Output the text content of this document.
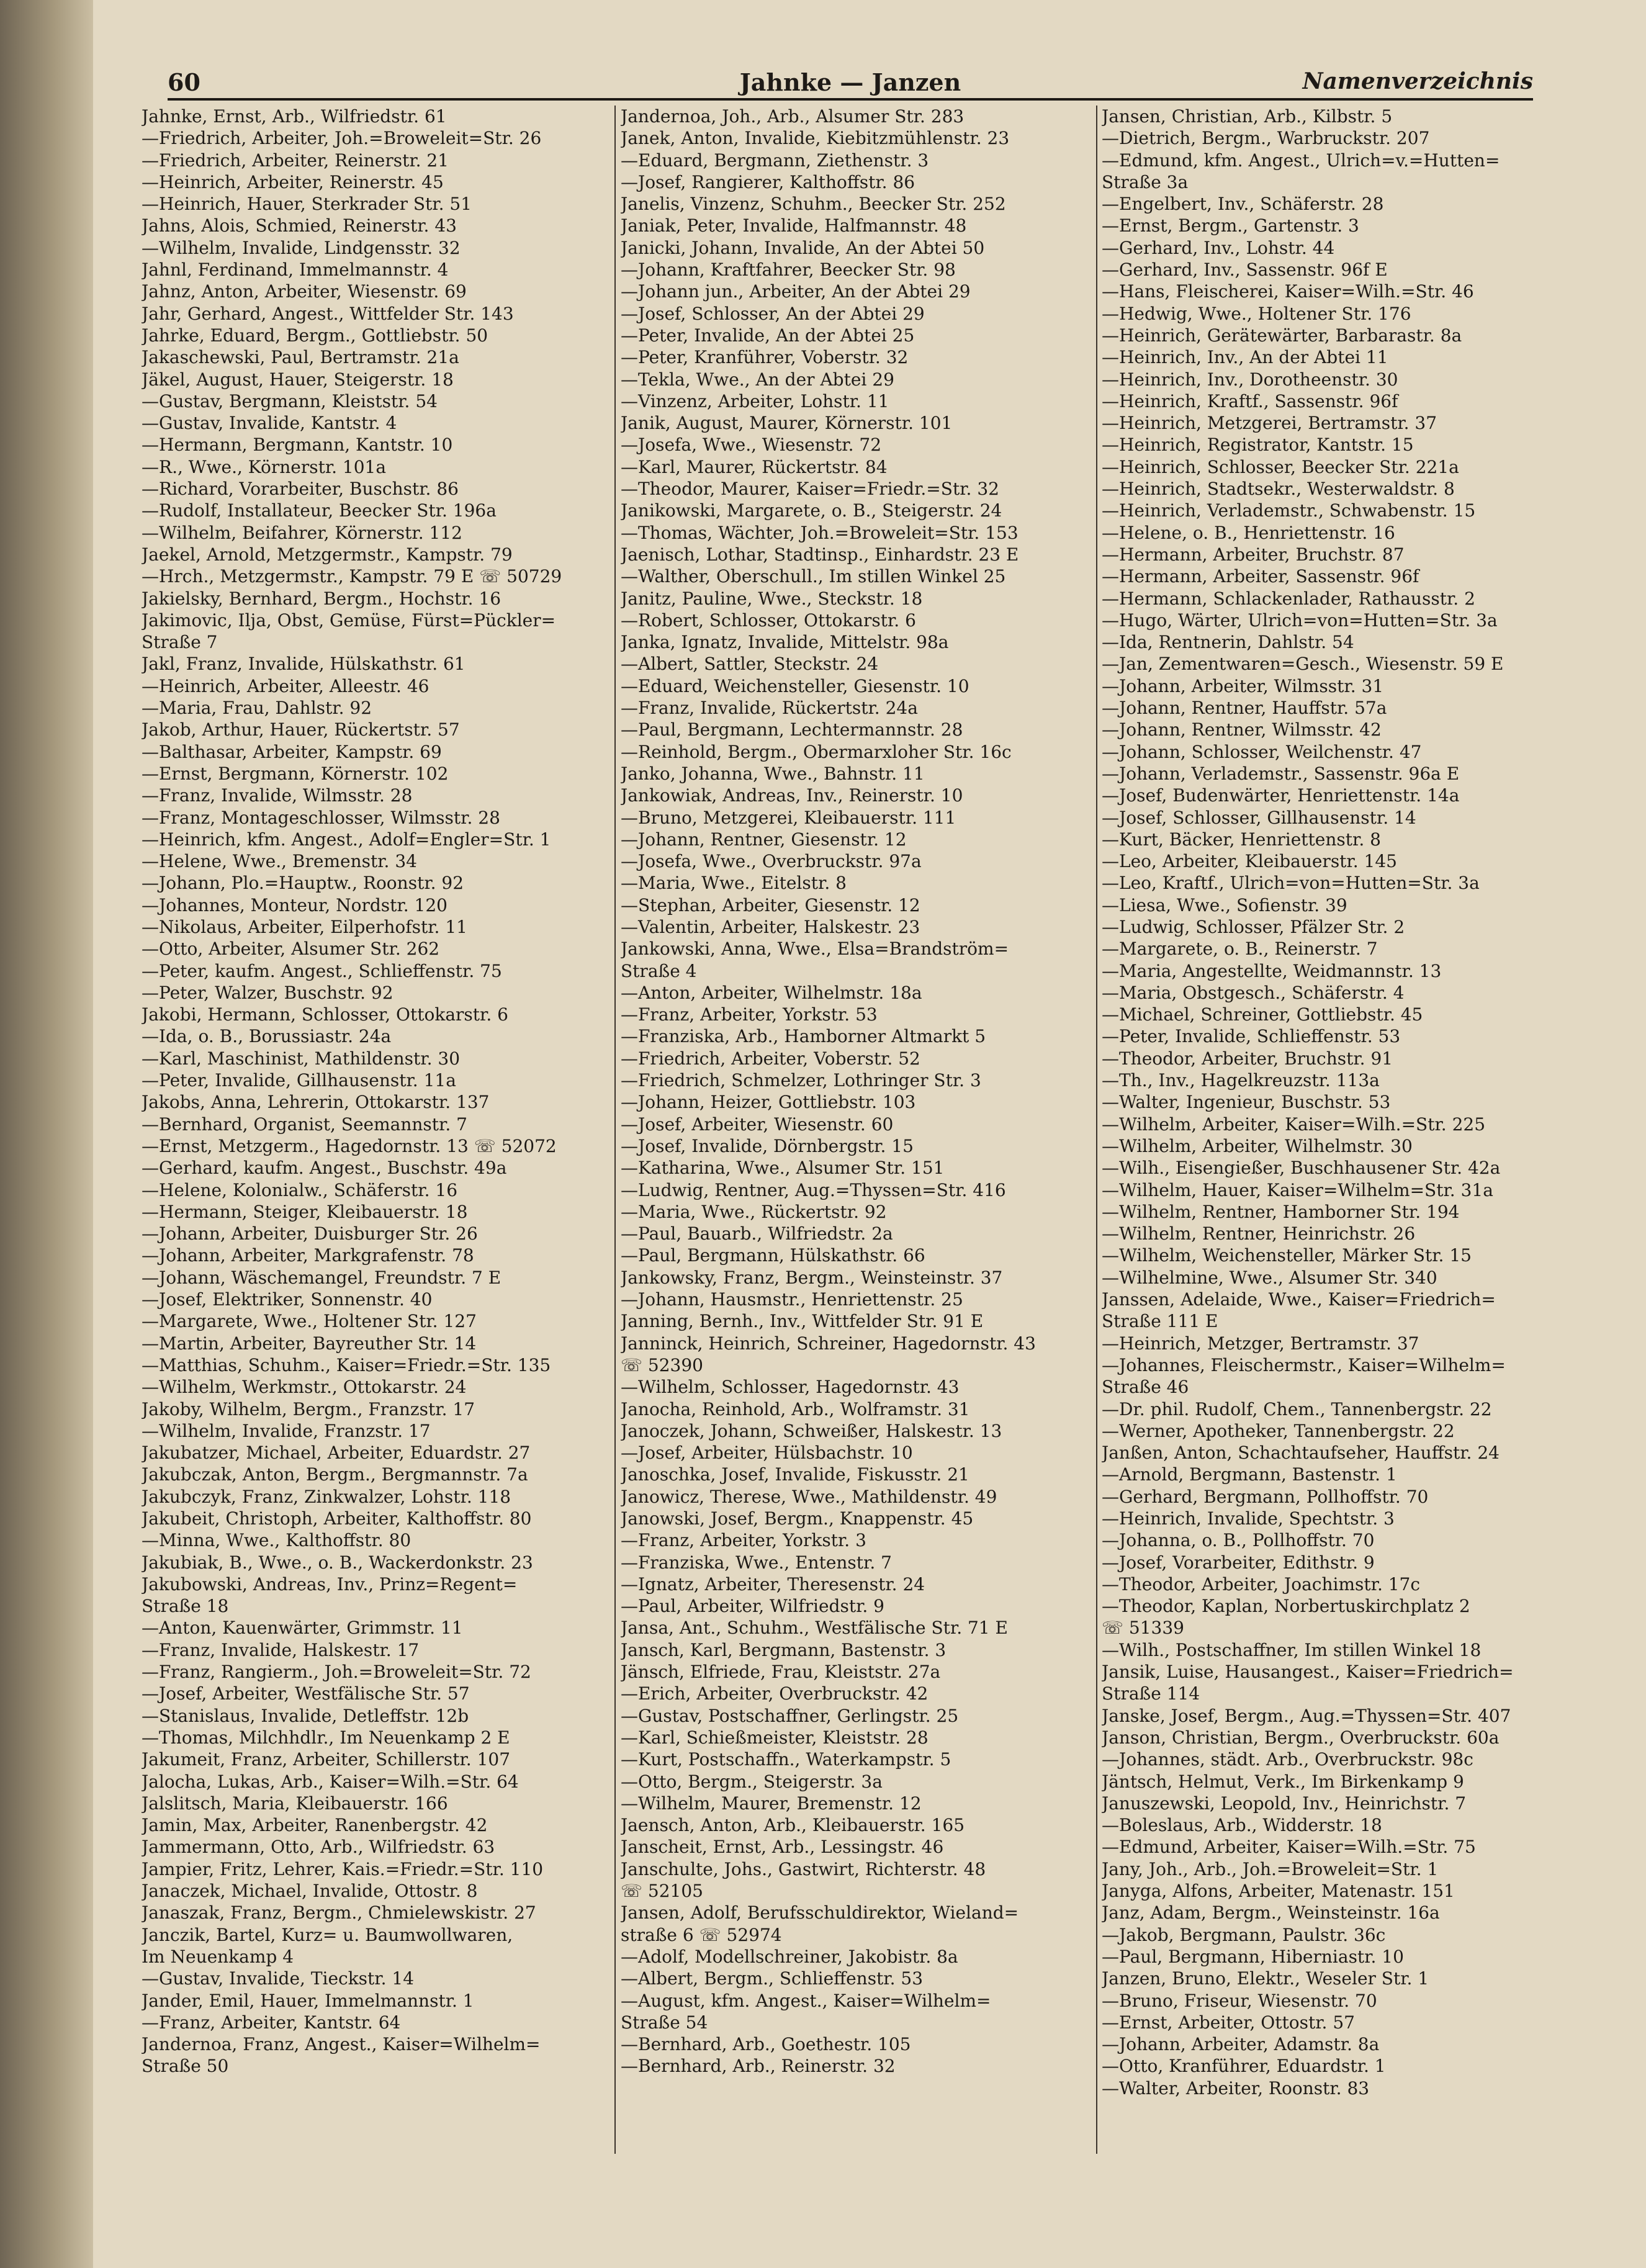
60	Jahnke — Janzen	Namenverzeichnis
Jahnke, Ernst, Arb., Wilfriedstr. 61
—Friedrich, Arbeiter, Joh.=Broweleit=Str. 26
—Friedrich, Arbeiter, Reinerstr. 21
—Heinrich, Arbeiter, Reinerstr. 45
—Heinrich, Hauer, Sterkrader Str. 51
Jahns, Alois, Schmied, Reinerstr. 43
—Wilhelm, Invalide, Lindgensstr. 32
Jahnl, Ferdinand, Immelmannstr. 4
Jahnz, Anton, Arbeiter, Wiesenstr. 69
Jahr, Gerhard, Angest., Wittfelder Str. 143
Jahrke, Eduard, Bergm., Gottliebstr. 50
Jakaschewski, Paul, Bertramstr. 21a
Jäkel, August, Hauer, Steigerstr. 18
—Gustav, Bergmann, Kleiststr. 54
—Gustav, Invalide, Kantstr. 4
—Hermann, Bergmann, Kantstr. 10
—R., Wwe., Körnerstr. 101a
—Richard, Vorarbeiter, Buschstr. 86
—Rudolf, Installateur, Beecker Str. 196a
—Wilhelm, Beifahrer, Körnerstr. 112
Jaekel, Arnold, Metzgermstr., Kampstr. 79
—Hrch., Metzgermstr., Kampstr. 79 E ☏ 50729
Jakielsky, Bernhard, Bergm., Hochstr. 16
Jakimovic, Ilja, Obst, Gemüse, Fürst=Pückler=
Straße 7
Jakl, Franz, Invalide, Hülskathstr. 61
—Heinrich, Arbeiter, Alleestr. 46
—Maria, Frau, Dahlstr. 92
Jakob, Arthur, Hauer, Rückertstr. 57
—Balthasar, Arbeiter, Kampstr. 69
—Ernst, Bergmann, Körnerstr. 102
—Franz, Invalide, Wilmsstr. 28
—Franz, Montageschlosser, Wilmsstr. 28
—Heinrich, kfm. Angest., Adolf=Engler=Str. 1
—Helene, Wwe., Bremenstr. 34
—Johann, Plo.=Hauptw., Roonstr. 92
—Johannes, Monteur, Nordstr. 120
—Nikolaus, Arbeiter, Eilperhofstr. 11
—Otto, Arbeiter, Alsumer Str. 262
—Peter, kaufm. Angest., Schlieffenstr. 75
—Peter, Walzer, Buschstr. 92
Jakobi, Hermann, Schlosser, Ottokarstr. 6
—Ida, o. B., Borussiastr. 24a
—Karl, Maschinist, Mathildenstr. 30
—Peter, Invalide, Gillhausenstr. 11a
Jakobs, Anna, Lehrerin, Ottokarstr. 137
—Bernhard, Organist, Seemannstr. 7
—Ernst, Metzgerm., Hagedornstr. 13 ☏ 52072
—Gerhard, kaufm. Angest., Buschstr. 49a
—Helene, Kolonialw., Schäferstr. 16
—Hermann, Steiger, Kleibauerstr. 18
—Johann, Arbeiter, Duisburger Str. 26
—Johann, Arbeiter, Markgrafenstr. 78
—Johann, Wäschemangel, Freundstr. 7 E
—Josef, Elektriker, Sonnenstr. 40
—Margarete, Wwe., Holtener Str. 127
—Martin, Arbeiter, Bayreuther Str. 14
—Matthias, Schuhm., Kaiser=Friedr.=Str. 135
—Wilhelm, Werkmstr., Ottokarstr. 24
Jakoby, Wilhelm, Bergm., Franzstr. 17
—Wilhelm, Invalide, Franzstr. 17
Jakubatzer, Michael, Arbeiter, Eduardstr. 27
Jakubczak, Anton, Bergm., Bergmannstr. 7a
Jakubczyk, Franz, Zinkwalzer, Lohstr. 118
Jakubeit, Christoph, Arbeiter, Kalthoffstr. 80
—Minna, Wwe., Kalthoffstr. 80
Jakubiak, B., Wwe., o. B., Wackerdonkstr. 23
Jakubowski, Andreas, Inv., Prinz=Regent=
Straße 18
—Anton, Kauenwärter, Grimmstr. 11
—Franz, Invalide, Halskestr. 17
—Franz, Rangierm., Joh.=Broweleit=Str. 72
—Josef, Arbeiter, Westfälische Str. 57
—Stanislaus, Invalide, Detleffstr. 12b
—Thomas, Milchhdlr., Im Neuenkamp 2 E
Jakumeit, Franz, Arbeiter, Schillerstr. 107
Jalocha, Lukas, Arb., Kaiser=Wilh.=Str. 64
Jalslitsch, Maria, Kleibauerstr. 166
Jamin, Max, Arbeiter, Ranenbergstr. 42
Jammermann, Otto, Arb., Wilfriedstr. 63
Jampier, Fritz, Lehrer, Kais.=Friedr.=Str. 110
Janaczek, Michael, Invalide, Ottostr. 8
Janaszak, Franz, Bergm., Chmielewskistr. 27
Janczik, Bartel, Kurz= u. Baumwollwaren,
Im Neuenkamp 4
—Gustav, Invalide, Tieckstr. 14
Jander, Emil, Hauer, Immelmannstr. 1
—Franz, Arbeiter, Kantstr. 64
Jandernoa, Franz, Angest., Kaiser=Wilhelm=
Straße 50
Jandernoa, Joh., Arb., Alsumer Str. 283
Janek, Anton, Invalide, Kiebitzmühlenstr. 23
—Eduard, Bergmann, Ziethenstr. 3
—Josef, Rangierer, Kalthoffstr. 86
Janelis, Vinzenz, Schuhm., Beecker Str. 252
Janiak, Peter, Invalide, Halfmannstr. 48
Janicki, Johann, Invalide, An der Abtei 50
—Johann, Kraftfahrer, Beecker Str. 98
—Johann jun., Arbeiter, An der Abtei 29
—Josef, Schlosser, An der Abtei 29
—Peter, Invalide, An der Abtei 25
—Peter, Kranführer, Voberstr. 32
—Tekla, Wwe., An der Abtei 29
—Vinzenz, Arbeiter, Lohstr. 11
Janik, August, Maurer, Körnerstr. 101
—Josefa, Wwe., Wiesenstr. 72
—Karl, Maurer, Rückertstr. 84
—Theodor, Maurer, Kaiser=Friedr.=Str. 32
Janikowski, Margarete, o. B., Steigerstr. 24
—Thomas, Wächter, Joh.=Broweleit=Str. 153
Jaenisch, Lothar, Stadtinsp., Einhardstr. 23 E
—Walther, Oberschull., Im stillen Winkel 25
Janitz, Pauline, Wwe., Steckstr. 18
—Robert, Schlosser, Ottokarstr. 6
Janka, Ignatz, Invalide, Mittelstr. 98a
—Albert, Sattler, Steckstr. 24
—Eduard, Weichensteller, Giesenstr. 10
—Franz, Invalide, Rückertstr. 24a
—Paul, Bergmann, Lechtermannstr. 28
—Reinhold, Bergm., Obermarxloher Str. 16c
Janko, Johanna, Wwe., Bahnstr. 11
Jankowiak, Andreas, Inv., Reinerstr. 10
—Bruno, Metzgerei, Kleibauerstr. 111
—Johann, Rentner, Giesenstr. 12
—Josefa, Wwe., Overbruckstr. 97a
—Maria, Wwe., Eitelstr. 8
—Stephan, Arbeiter, Giesenstr. 12
—Valentin, Arbeiter, Halskestr. 23
Jankowski, Anna, Wwe., Elsa=Brandström=
Straße 4
—Anton, Arbeiter, Wilhelmstr. 18a
—Franz, Arbeiter, Yorkstr. 53
—Franziska, Arb., Hamborner Altmarkt 5
—Friedrich, Arbeiter, Voberstr. 52
—Friedrich, Schmelzer, Lothringer Str. 3
—Johann, Heizer, Gottliebstr. 103
—Josef, Arbeiter, Wiesenstr. 60
—Josef, Invalide, Dörnbergstr. 15
—Katharina, Wwe., Alsumer Str. 151
—Ludwig, Rentner, Aug.=Thyssen=Str. 416
—Maria, Wwe., Rückertstr. 92
—Paul, Bauarb., Wilfriedstr. 2a
—Paul, Bergmann, Hülskathstr. 66
Jankowsky, Franz, Bergm., Weinsteinstr. 37
—Johann, Hausmstr., Henriettenstr. 25
Janning, Bernh., Inv., Wittfelder Str. 91 E
Janninck, Heinrich, Schreiner, Hagedornstr. 43
☏ 52390
—Wilhelm, Schlosser, Hagedornstr. 43
Janocha, Reinhold, Arb., Wolframstr. 31
Janoczek, Johann, Schweißer, Halskestr. 13
—Josef, Arbeiter, Hülsbachstr. 10
Janoschka, Josef, Invalide, Fiskusstr. 21
Janowicz, Therese, Wwe., Mathildenstr. 49
Janowski, Josef, Bergm., Knappenstr. 45
—Franz, Arbeiter, Yorkstr. 3
—Franziska, Wwe., Entenstr. 7
—Ignatz, Arbeiter, Theresenstr. 24
—Paul, Arbeiter, Wilfriedstr. 9
Jansa, Ant., Schuhm., Westfälische Str. 71 E
Jansch, Karl, Bergmann, Bastenstr. 3
Jänsch, Elfriede, Frau, Kleiststr. 27a
—Erich, Arbeiter, Overbruckstr. 42
—Gustav, Postschaffner, Gerlingstr. 25
—Karl, Schießmeister, Kleiststr. 28
—Kurt, Postschaffn., Waterkampstr. 5
—Otto, Bergm., Steigerstr. 3a
—Wilhelm, Maurer, Bremenstr. 12
Jaensch, Anton, Arb., Kleibauerstr. 165
Janscheit, Ernst, Arb., Lessingstr. 46
Janschulte, Johs., Gastwirt, Richterstr. 48
☏ 52105
Jansen, Adolf, Berufsschuldirektor, Wieland=
straße 6 ☏ 52974
—Adolf, Modellschreiner, Jakobistr. 8a
—Albert, Bergm., Schlieffenstr. 53
—August, kfm. Angest., Kaiser=Wilhelm=
Straße 54
—Bernhard, Arb., Goethestr. 105
—Bernhard, Arb., Reinerstr. 32
Jansen, Christian, Arb., Kilbstr. 5
—Dietrich, Bergm., Warbruckstr. 207
—Edmund, kfm. Angest., Ulrich=v.=Hutten=
Straße 3a
—Engelbert, Inv., Schäferstr. 28
—Ernst, Bergm., Gartenstr. 3
—Gerhard, Inv., Lohstr. 44
—Gerhard, Inv., Sassenstr. 96f E
—Hans, Fleischerei, Kaiser=Wilh.=Str. 46
—Hedwig, Wwe., Holtener Str. 176
—Heinrich, Gerätewärter, Barbarastr. 8a
—Heinrich, Inv., An der Abtei 11
—Heinrich, Inv., Dorotheenstr. 30
—Heinrich, Kraftf., Sassenstr. 96f
—Heinrich, Metzgerei, Bertramstr. 37
—Heinrich, Registrator, Kantstr. 15
—Heinrich, Schlosser, Beecker Str. 221a
—Heinrich, Stadtsekr., Westerwaldstr. 8
—Heinrich, Verlademstr., Schwabenstr. 15
—Helene, o. B., Henriettenstr. 16
—Hermann, Arbeiter, Bruchstr. 87
—Hermann, Arbeiter, Sassenstr. 96f
—Hermann, Schlackenlader, Rathausstr. 2
—Hugo, Wärter, Ulrich=von=Hutten=Str. 3a
—Ida, Rentnerin, Dahlstr. 54
—Jan, Zementwaren=Gesch., Wiesenstr. 59 E
—Johann, Arbeiter, Wilmsstr. 31
—Johann, Rentner, Hauffstr. 57a
—Johann, Rentner, Wilmsstr. 42
—Johann, Schlosser, Weilchenstr. 47
—Johann, Verlademstr., Sassenstr. 96a E
—Josef, Budenwärter, Henriettenstr. 14a
—Josef, Schlosser, Gillhausenstr. 14
—Kurt, Bäcker, Henriettenstr. 8
—Leo, Arbeiter, Kleibauerstr. 145
—Leo, Kraftf., Ulrich=von=Hutten=Str. 3a
—Liesa, Wwe., Sofienstr. 39
—Ludwig, Schlosser, Pfälzer Str. 2
—Margarete, o. B., Reinerstr. 7
—Maria, Angestellte, Weidmannstr. 13
—Maria, Obstgesch., Schäferstr. 4
—Michael, Schreiner, Gottliebstr. 45
—Peter, Invalide, Schlieffenstr. 53
—Theodor, Arbeiter, Bruchstr. 91
—Th., Inv., Hagelkreuzstr. 113a
—Walter, Ingenieur, Buschstr. 53
—Wilhelm, Arbeiter, Kaiser=Wilh.=Str. 225
—Wilhelm, Arbeiter, Wilhelmstr. 30
—Wilh., Eisengießer, Buschhausener Str. 42a
—Wilhelm, Hauer, Kaiser=Wilhelm=Str. 31a
—Wilhelm, Rentner, Hamborner Str. 194
—Wilhelm, Rentner, Heinrichstr. 26
—Wilhelm, Weichensteller, Märker Str. 15
—Wilhelmine, Wwe., Alsumer Str. 340
Janssen, Adelaide, Wwe., Kaiser=Friedrich=
Straße 111 E
—Heinrich, Metzger, Bertramstr. 37
—Johannes, Fleischermstr., Kaiser=Wilhelm=
Straße 46
—Dr. phil. Rudolf, Chem., Tannenbergstr. 22
—Werner, Apotheker, Tannenbergstr. 22
Janßen, Anton, Schachtaufseher, Hauffstr. 24
—Arnold, Bergmann, Bastenstr. 1
—Gerhard, Bergmann, Pollhoffstr. 70
—Heinrich, Invalide, Spechtstr. 3
—Johanna, o. B., Pollhoffstr. 70
—Josef, Vorarbeiter, Edithstr. 9
—Theodor, Arbeiter, Joachimstr. 17c
—Theodor, Kaplan, Norbertuskirchplatz 2
☏ 51339
—Wilh., Postschaffner, Im stillen Winkel 18
Jansik, Luise, Hausangest., Kaiser=Friedrich=
Straße 114
Janske, Josef, Bergm., Aug.=Thyssen=Str. 407
Janson, Christian, Bergm., Overbruckstr. 60a
—Johannes, städt. Arb., Overbruckstr. 98c
Jäntsch, Helmut, Verk., Im Birkenkamp 9
Januszewski, Leopold, Inv., Heinrichstr. 7
—Boleslaus, Arb., Widderstr. 18
—Edmund, Arbeiter, Kaiser=Wilh.=Str. 75
Jany, Joh., Arb., Joh.=Broweleit=Str. 1
Janyga, Alfons, Arbeiter, Matenastr. 151
Janz, Adam, Bergm., Weinsteinstr. 16a
—Jakob, Bergmann, Paulstr. 36c
—Paul, Bergmann, Hiberniastr. 10
Janzen, Bruno, Elektr., Weseler Str. 1
—Bruno, Friseur, Wiesenstr. 70
—Ernst, Arbeiter, Ottostr. 57
—Johann, Arbeiter, Adamstr. 8a
—Otto, Kranführer, Eduardstr. 1
—Walter, Arbeiter, Roonstr. 83
